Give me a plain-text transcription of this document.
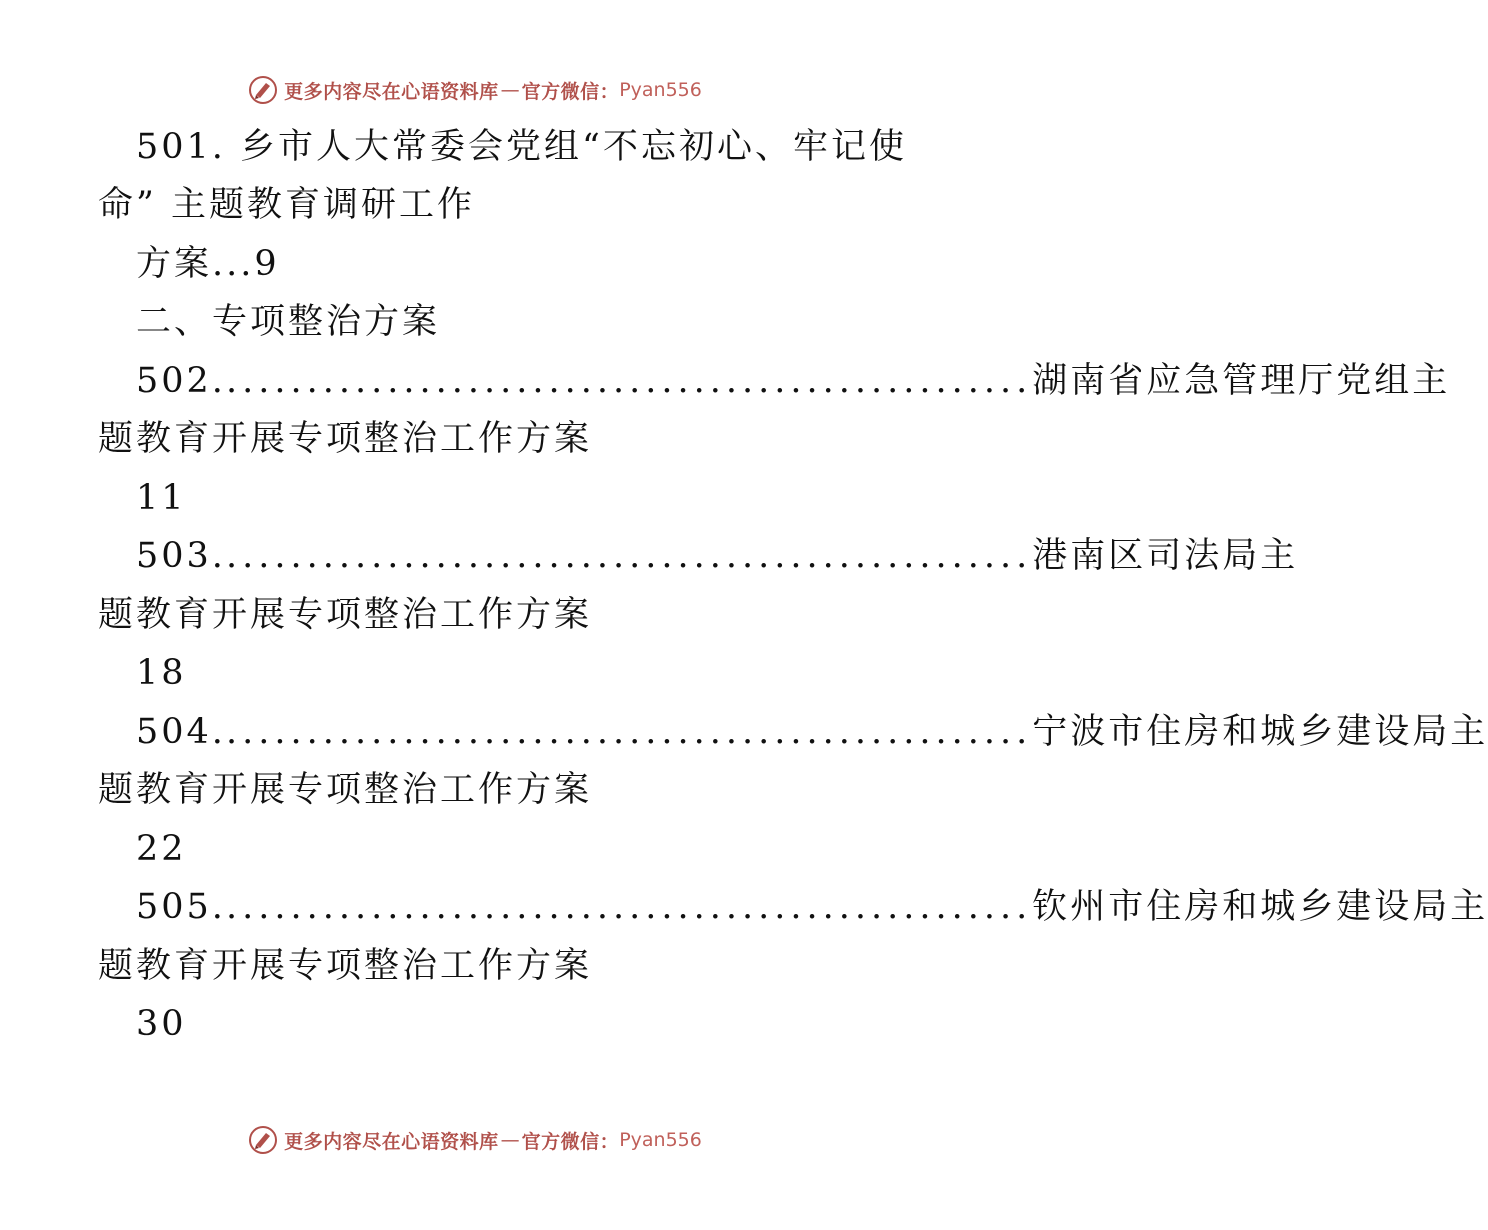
更多内容尽在心语资料库 — 官方微信： Pyan556
501. 乡市人大常委会党组“不忘初心、牢记使
命” 主题教育调研工作
方案...9
二、专项整治方案
502. .................................................. 湖南省应急管理厅党组主
题教育开展专项整治工作方案
11
503. .................................................. 港南区司法局主
题教育开展专项整治工作方案
18
504. .................................................. 宁波市住房和城乡建设局主
题教育开展专项整治工作方案
22
505. .................................................. 钦州市住房和城乡建设局主
题教育开展专项整治工作方案
30
更多内容尽在心语资料库 — 官方微信： Pyan556
